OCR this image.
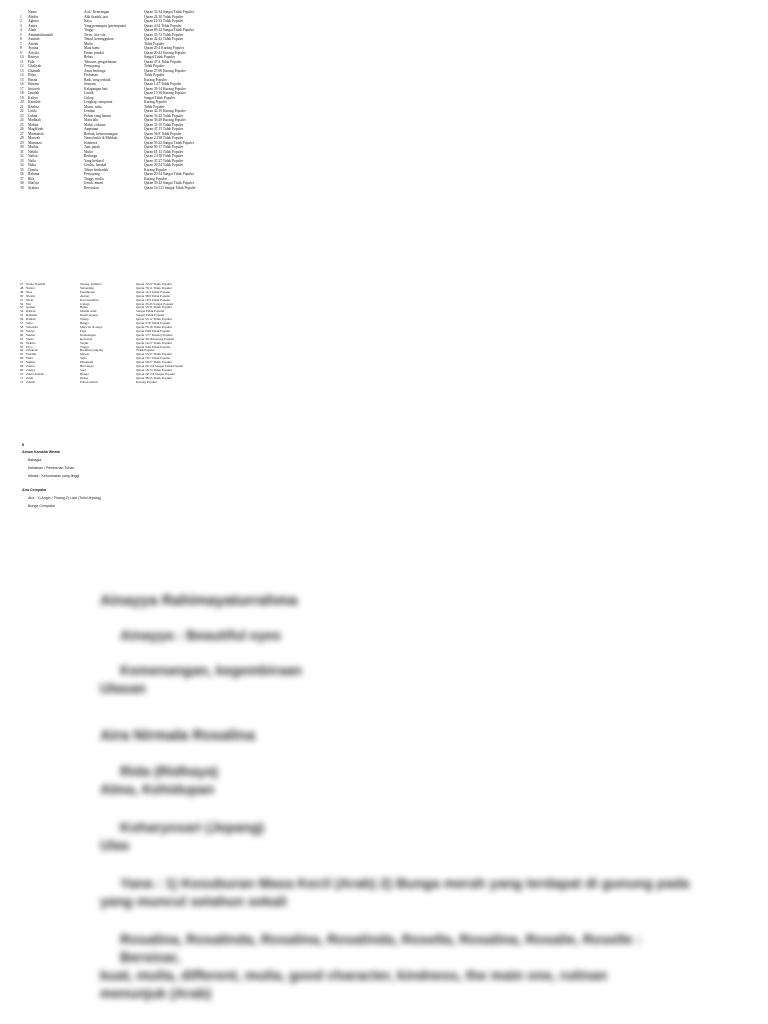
	Nama	Arti / Keterangan	Quran 33:34 Sangat Tidak Populer
1	Abidin	Ahli ibadah, taat	Quran 24:30 Tidak Populer
2	Aghnia	Kaya	Quran 14:33 Tidak Populer
3	Amira	Yang pemimpin (perempuan)	Quran 4:34 Tidak Populer
4	Aliah	Tinggi	Quran 69:22 Sangat Tidak Populer
5	Amanatulmuniah	Terus, cita-cita	Quran 33:72 Tidak Populer
6	Azimah	Tekad, kesungguhan	Quran 42:43 Tidak Populer
7	Azizah	Mulia	Tidak Populer
8	Aynina	Mata kami	Quran 20:4 Kurang Populer
9	Arsyila	Pintar, pandai	Quran 20:42 Kurang Populer
10	Barirya	Bebas	Sangat Tidak Populer
11	Fida	Tebusan, pengorbanan	Quran 47:4 Tidak Populer
12	Ghaliyah	Penyayang	Tidak Populer
13	Ghaniah	Amat berharga	Quran 27:69 Kurang Populer
14	Hilya	Perhiasan	Tidak Populer
15	Husna	Baik, yang terbaik	Kurang Populer
16	Ibtisam	Senyum	Quran 1:47 Tidak Populer
17	Insyirah	Kelapangan hati	Quran 39:14 Kurang Populer
18	Jamilah	Cantik	Quran 15:38 Kurang Populer
19	Kafiya	Cukup	Sangat Tidak Populer
20	Kamilah	Lengkap, sempurna	Kurang Populer
21	Khalisa	Murni, tulus	Tidak Populer
22	Latifa	Lembut	Quran 42:19 Kurang Populer
23	Lubna	Pohon yang harum	Quran 33:22 Tidak Populer
24	Madhiah	Masa lalu	Quran 36:28 Kurang Populer
25	Mahira	Mahir, cekatan	Quran 31:10 Tidak Populer
26	Maghfirah	Ampunan	Quran 47:15 Tidak Populer
27	Maimunah	Berkah, keberuntungan	Quran 56:8 Tidak Populer
28	Marwah	Nama bukit di Mekkah	Quran 2:158 Tidak Populer
29	Mumtaza	Istimewa	Quran 59:22 Sangat Tidak Populer
30	Muthia	Taat, patuh	Quran 90:17 Tidak Populer
31	Nabila	Mulia	Quran 61:13 Tidak Populer
32	Nafisa	Berharga	Quran 2:158 Tidak Populer
33	Naila	Yang berhasil	Quran 47:27 Tidak Populer
34	Nuha	Cerdas, berakal	Quran 20:54 Tidak Populer
35	Qonita	Tekun beribadah	Kurang Populer
36	Rahima	Penyayang	Quran 20:54 Sangat Tidak Populer
37	Rifa	Tinggi, mulia	Kurang Populer
38	Shafiya	Jernih, murni	Quran 39:22 Sangat Tidak Populer
39	Syakira	Bersyukur	Quran 16:121 Sangat Tidak Populer
27	Naura Nasifah	Terang, gembira	Quran 79:22 Tidak Populer
48	Nazira	Sebanding	Quran 76:11 Tidak Populer
49	Nisa	Perempuan	Quran 14:4 Tidak Populer
50	Nizam	Aturan	Quran 38:6 Tidak Populer
51	Nisfa	Rasa keadilan	Quran 16:9 Tidak Populer
52	Nur	Cahaya	Quran 25:45 Sangat Populer
53	Qamar	Bulan	Quran 35:31 Tidak Populer
54	Rabiah	Musim semi	Sangat Tidak Populer
55	Rahmah	Kasih sayang	Sangat Tidak Populer
56	Raihan	Wangi	Quran 55:12 Tidak Populer
57	Saila	Bunga	Quran 3:76 Tidak Populer
58	Salsabila	Mata air di surga	Quran 76:18 Tidak Populer
59	Sabiya	Pagi	Quran 6:96 Tidak Populer
60	Sakina	Ketenangan	Quran 3:77 Kurang Populer
61	Shafa	Kesucian	Quran 36:18 Kurang Populer
62	Tsabita	Teguh	Quran 14:27 Tidak Populer
63	Ulya	Tinggi	Quran 9:40 Tidak Populer
64	Umairah	Berumur panjang	Tidak Populer
65	Wardah	Mawar	Quran 55:37 Tidak Populer
66	Wafa	Setia	Quran 76:7 Tidak Populer
67	Yumna	Diberkahi	Quran 56:27 Tidak Populer
68	Zahira	Bercahaya	Quran 20:131 Sangat Tidak Populer
69	Zakiya	Suci	Quran 18:74 Tidak Populer
70	Zahra Zahrah	Bunga	Quran 20:131 Sangat Populer
71	Zulfa	Dekat	Quran 38:25 Tidak Populer
72	Zainab	Pohon harum	Kurang Populer
II
Aiman Kamalia Wirata
Bahagia
Kebaikan / Pemberian Tuhan
Wirata : Kehormatan yang tinggi
Aira Cempaka
Aira : 1) Angin / Pinang 2) Laut (Turki/Jepang)
Bunga Cempaka
Ainayya Rahimayaturrahma
Ainayya : Beautiful eyes
Kemenangan, kegembiraan
Ulasan
Aira Nirmala Rosalina
Rida (Ridhaya)
Alma, Kehidupan
Koharyosari (Jepang)
Ulas
Yana : 1) Kesuburan Masa Kecil (Arab) 2) Bunga merah yang terdapat di gunung pada
yang muncul setahun sekali
Rosalina, Rosalinda, Rosalina, Rosalinda, Rosella, Rosalina, Rosalie, Roselle : Bersinar,
kuat, mulia, different, mulia, good character, kindness, the main one, rutinan
menunjuk (Arab)
